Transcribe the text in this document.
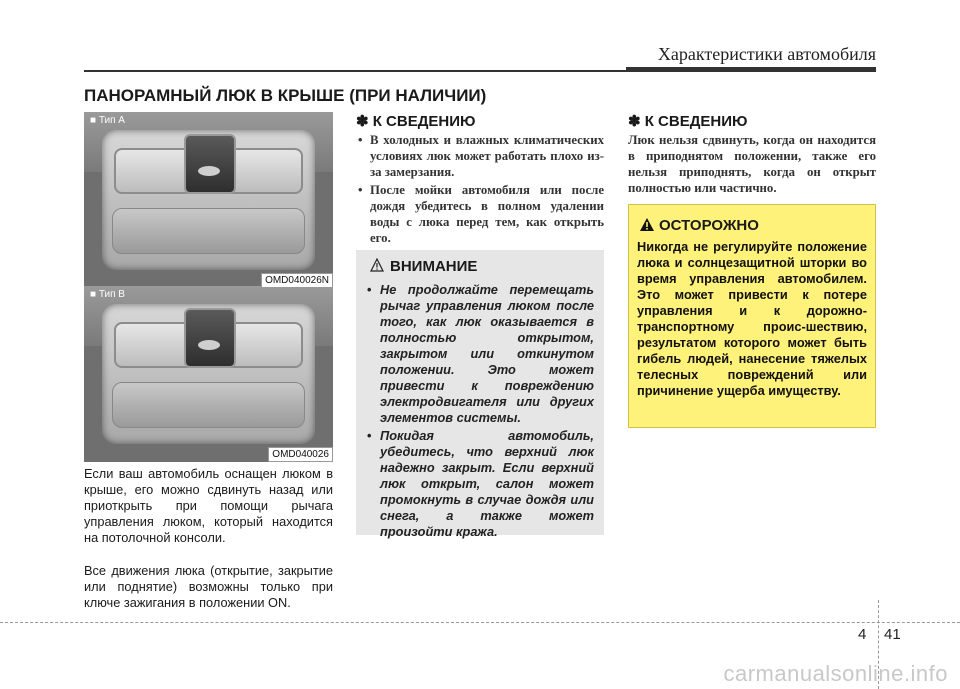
Характеристики автомобиля
ПАНОРАМНЫЙ ЛЮК В КРЫШЕ (ПРИ НАЛИЧИИ)
■ Тип А
OMD040026N
■ Тип В
OMD040026
Если ваш автомобиль оснащен люком в крыше, его можно сдвинуть назад или приоткрыть при помощи рычага управления люком, который находится на потолочной консоли.
Все движения люка (открытие, закрытие или поднятие) возможны только при ключе зажигания в положении ON.
✽ К СВЕДЕНИЮ
• В холодных и влажных климатических условиях люк может работать плохо из-за замерзания.
• После мойки автомобиля или после дождя убедитесь в полном удалении воды с люка перед тем, как открыть его.
ВНИМАНИЕ
• Не продолжайте перемещать рычаг управления люком после того, как люк оказывается в полностью открытом, закрытом или откинутом положении. Это может привести к повреждению электродвигателя или других элементов системы.
• Покидая автомобиль, убедитесь, что верхний люк надежно закрыт. Если верхний люк открыт, салон может промокнуть в случае дождя или снега, а также может произойти кража.
✽ К СВЕДЕНИЮ
Люк нельзя сдвинуть, когда он находится в приподнятом положении, также его нельзя приподнять, когда он открыт полностью или частично.
ОСТОРОЖНО
Никогда не регулируйте положение люка и солнцезащитной шторки во время управления автомобилем. Это может привести к потере управления и к дорожно-транспортному проис-шествию, результатом которого может быть гибель людей, нанесение тяжелых телесных повреждений или причинение ущерба имуществу.
4 41
carmanualsonline.info
